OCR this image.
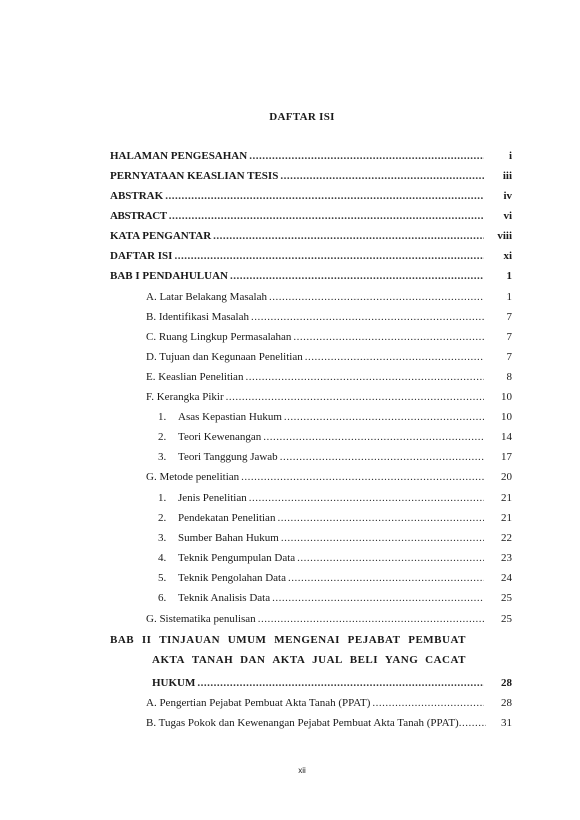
DAFTAR ISI
HALAMAN PENGESAHAN .....	i
PERNYATAAN KEASLIAN TESIS .....	iii
ABSTRAK .....	iv
ABSTRACT .....	vi
KATA PENGANTAR .....	viii
DAFTAR ISI .....	xi
BAB I PENDAHULUAN .....	1
A. Latar Belakang Masalah .....	1
B. Identifikasi Masalah .....	7
C. Ruang Lingkup Permasalahan .....	7
D. Tujuan dan Kegunaan Penelitian .....	7
E. Keaslian Penelitian .....	8
F. Kerangka Pikir .....	10
1. Asas Kepastian Hukum .....	10
2. Teori Kewenangan .....	14
3. Teori Tanggung Jawab .....	17
G. Metode penelitian .....	20
1. Jenis Penelitian .....	21
2. Pendekatan Penelitian .....	21
3. Sumber Bahan Hukum .....	22
4. Teknik Pengumpulan Data .....	23
5. Teknik Pengolahan Data .....	24
6. Teknik Analisis Data .....	25
G. Sistematika penulisan .....	25
BAB II TINJAUAN UMUM MENGENAI PEJABAT PEMBUAT
AKTA TANAH DAN AKTA JUAL BELI YANG CACAT
HUKUM .....	28
A. Pengertian Pejabat Pembuat Akta Tanah (PPAT) .....	28
B. Tugas Pokok dan Kewenangan Pejabat Pembuat Akta Tanah (PPAT) .....	31
xii
